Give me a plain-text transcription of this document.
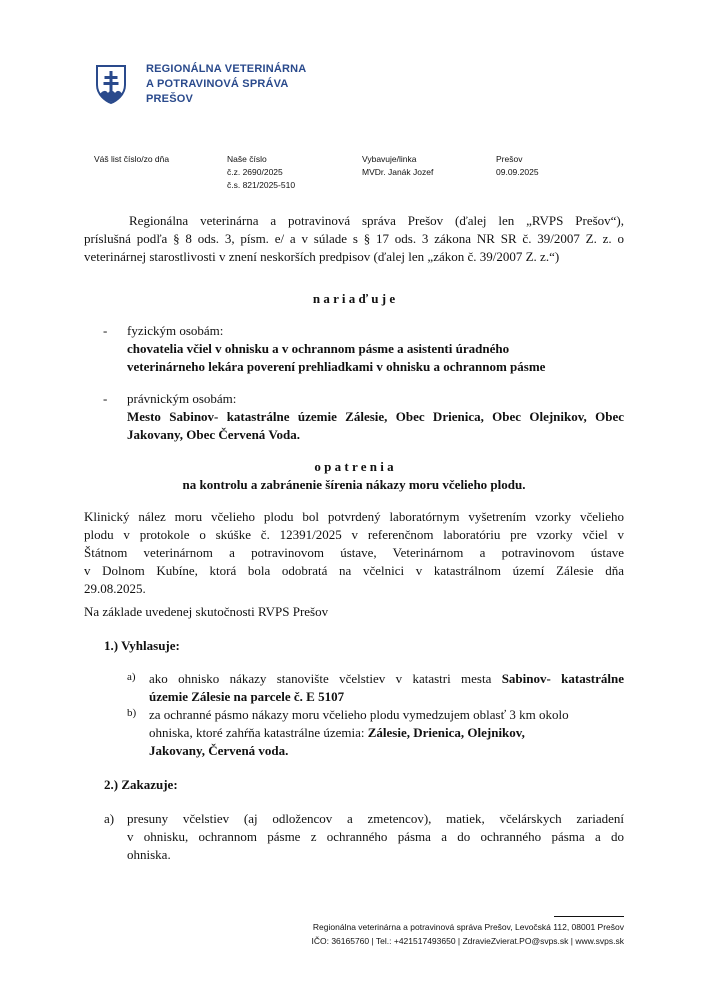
REGIONÁLNA VETERINÁRNA
A POTRAVINOVÁ SPRÁVA
PREŠOV
Váš list číslo/zo dňa	Naše číslo
č.z. 2690/2025
č.s. 821/2025-510
Vybavuje/linka
MVDr. Janák Jozef
Prešov
09.09.2025
Regionálna veterinárna a potravinová správa Prešov (ďalej len „RVPS Prešov“),
príslušná podľa § 8 ods. 3, písm. e/ a v súlade s § 17 ods. 3 zákona NR SR č. 39/2007 Z. z. o
veterinárnej starostlivosti v znení neskorších predpisov (ďalej len „zákon č. 39/2007 Z. z.“)
n a r i a ď u j e
- fyzickým osobám:
chovatelia včiel v ohnisku a v ochrannom pásme a asistenti úradného
veterinárneho lekára poverení prehliadkami v ohnisku a ochrannom pásme
- právnickým osobám:
Mesto Sabinov- katastrálne územie Zálesie, Obec Drienica, Obec Olejnikov, Obec
Jakovany, Obec Červená Voda.
o p a t r e n i a
na kontrolu a zabránenie šírenia nákazy moru včelieho plodu.
Klinický nález moru včelieho plodu bol potvrdený laboratórnym vyšetrením vzorky včelieho
plodu v protokole o skúške č. 12391/2025 v referenčnom laboratóriu pre vzorky včiel v
Štátnom veterinárnom a potravinovom ústave, Veterinárnom a potravinovom ústave
v Dolnom Kubíne, ktorá bola odobratá na včelnici v katastrálnom území Zálesie dňa
29.08.2025.
Na základe uvedenej skutočnosti RVPS Prešov
1.) Vyhlasuje:
a) ako ohnisko nákazy stanovište včelstiev v katastri mesta Sabinov- katastrálne
územie Zálesie na parcele č. E 5107
b) za ochranné pásmo nákazy moru včelieho plodu vymedzujem oblasť 3 km okolo
ohniska, ktoré zahŕňa katastrálne územia: Zálesie, Drienica, Olejnikov,
Jakovany, Červená voda.
2.) Zakazuje:
a) presuny včelstiev (aj odložencov a zmetencov), matiek, včelárskych zariadení
v ohnisku, ochrannom pásme z ochranného pásma a do ochranného pásma a do
ohniska.
Regionálna veterinárna a potravinová správa Prešov, Levočská 112, 08001 Prešov
IČO: 36165760 | Tel.: +421517493650 | ZdravieZvierat.PO@svps.sk | www.svps.sk
